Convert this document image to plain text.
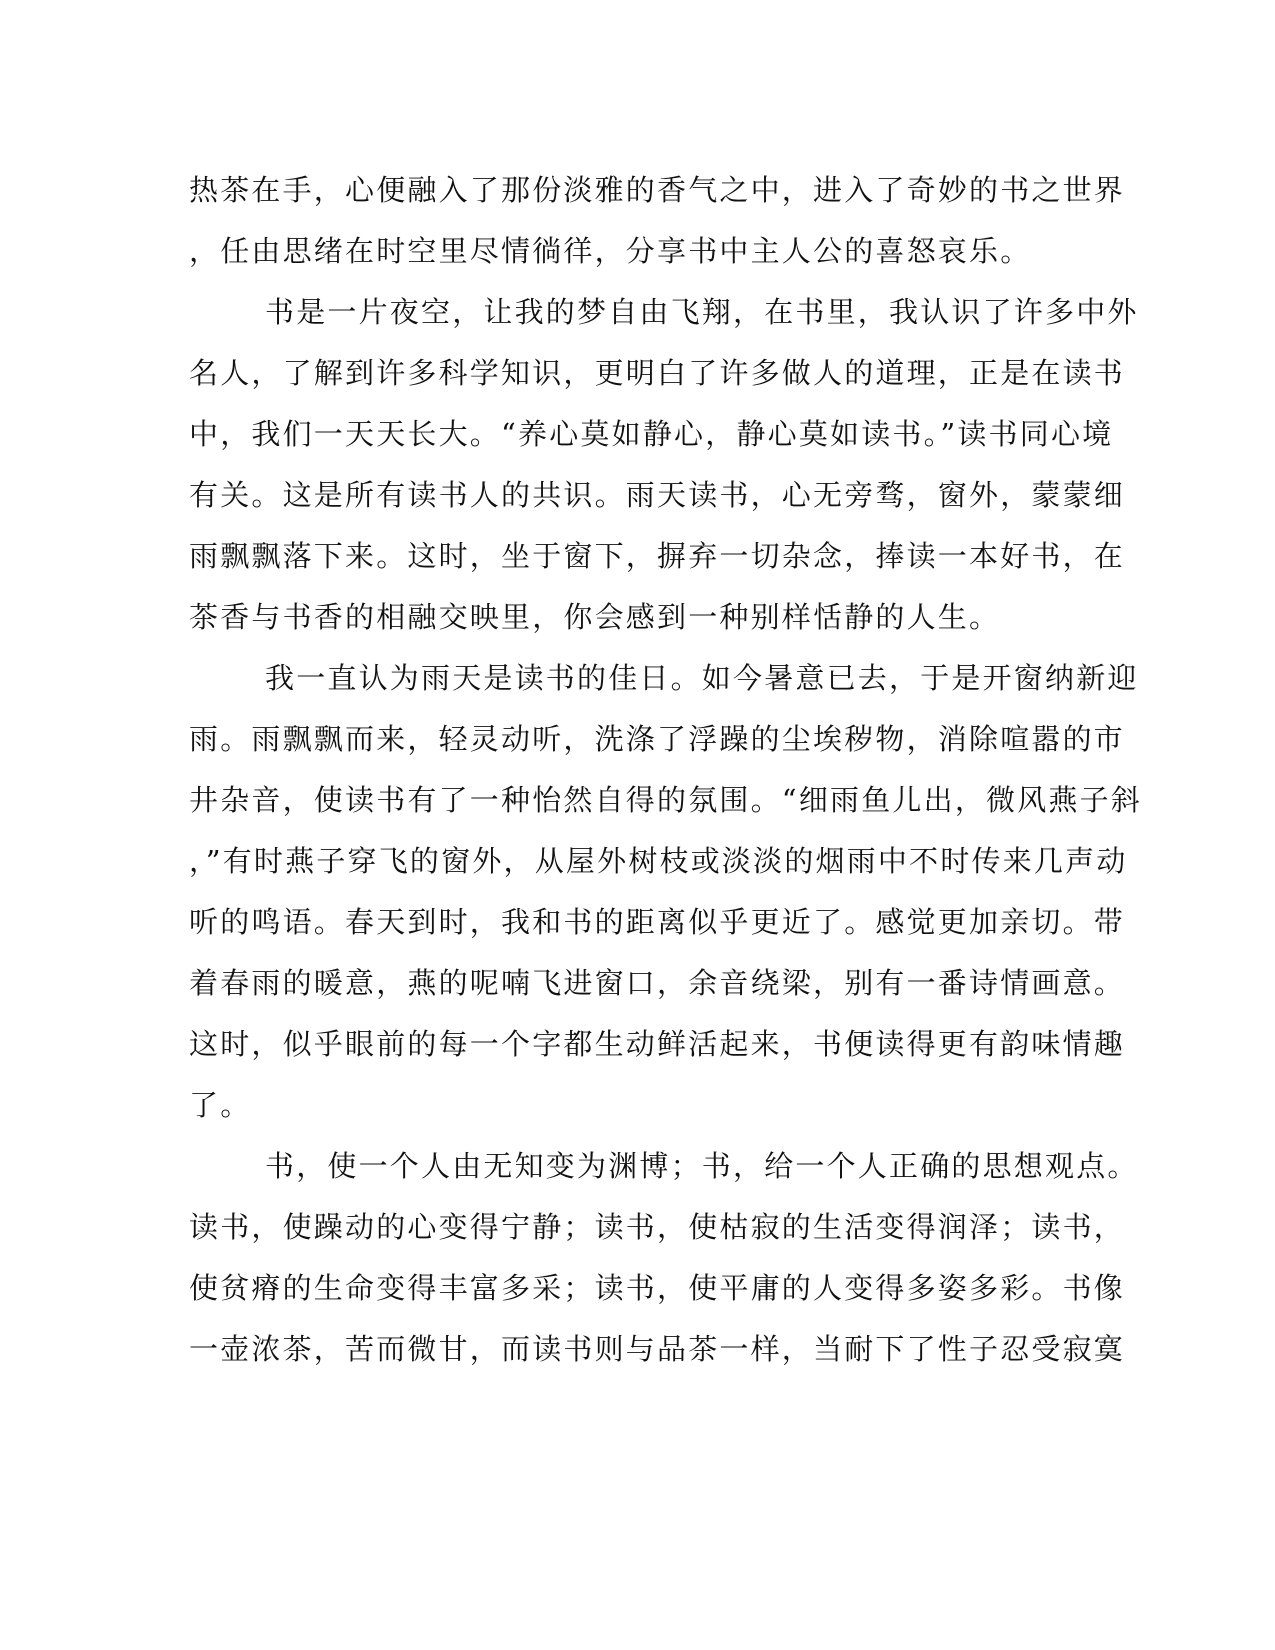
热茶在手，心便融入了那份淡雅的香气之中，进入了奇妙的书之世界
，任由思绪在时空里尽情徜徉，分享书中主人公的喜怒哀乐。
书是一片夜空，让我的梦自由飞翔，在书里，我认识了许多中外
名人，了解到许多科学知识，更明白了许多做人的道理，正是在读书
中，我们一天天长大。“养心莫如静心，静心莫如读书。”读书同心境
有关。这是所有读书人的共识。雨天读书，心无旁骛，窗外，蒙蒙细
雨飘飘落下来。这时，坐于窗下，摒弃一切杂念，捧读一本好书，在
茶香与书香的相融交映里，你会感到一种别样恬静的人生。
我一直认为雨天是读书的佳日。如今暑意已去，于是开窗纳新迎
雨。雨飘飘而来，轻灵动听，洗涤了浮躁的尘埃秽物，消除喧嚣的市
井杂音，使读书有了一种怡然自得的氛围。“细雨鱼儿出，微风燕子斜
，”有时燕子穿飞的窗外，从屋外树枝或淡淡的烟雨中不时传来几声动
听的鸣语。春天到时，我和书的距离似乎更近了。感觉更加亲切。带
着春雨的暖意，燕的呢喃飞进窗口，余音绕梁，别有一番诗情画意。
这时，似乎眼前的每一个字都生动鲜活起来，书便读得更有韵味情趣
了。
书，使一个人由无知变为渊博；书，给一个人正确的思想观点。
读书，使躁动的心变得宁静；读书，使枯寂的生活变得润泽；读书，
使贫瘠的生命变得丰富多采；读书，使平庸的人变得多姿多彩。书像
一壶浓茶，苦而微甘，而读书则与品茶一样，当耐下了性子忍受寂寞
